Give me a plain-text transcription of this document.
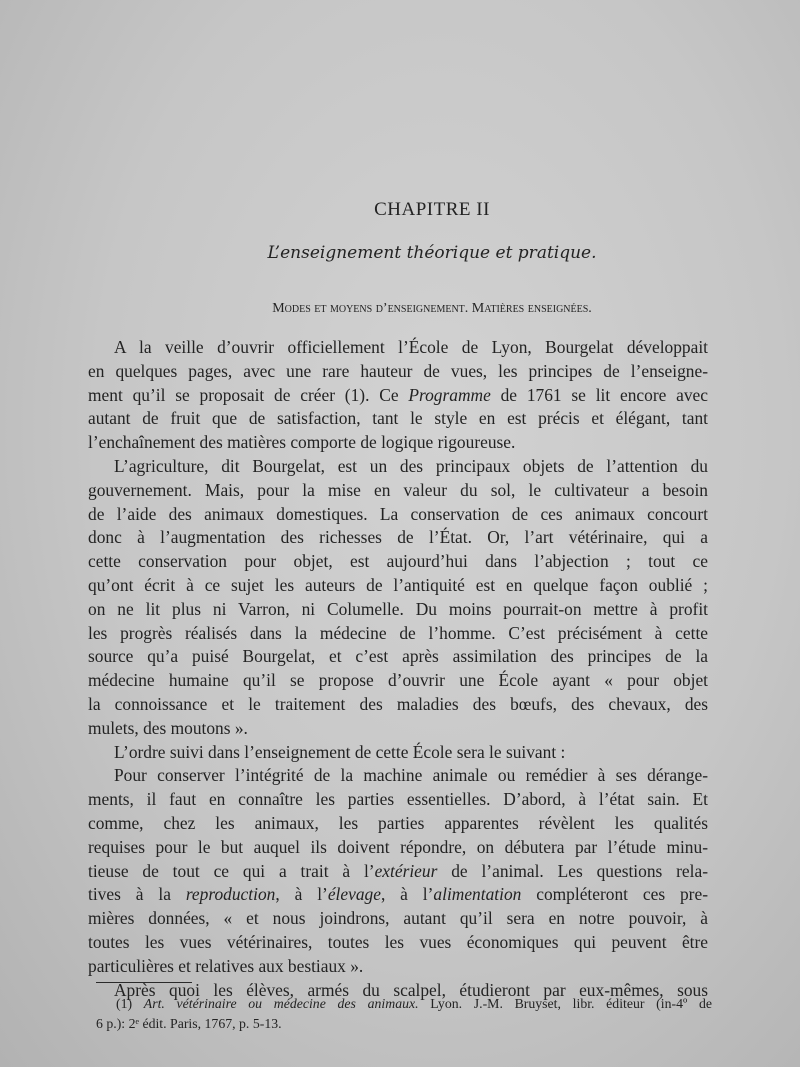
CHAPITRE II
L’enseignement théorique et pratique.
Modes et moyens d’enseignement. Matières enseignées.

A la veille d’ouvrir officiellement l’École de Lyon, Bourgelat développait
en quelques pages, avec une rare hauteur de vues, les principes de l’enseigne-
ment qu’il se proposait de créer (1). Ce Programme de 1761 se lit encore avec
autant de fruit que de satisfaction, tant le style en est précis et élégant, tant
l’enchaînement des matières comporte de logique rigoureuse.

L’agriculture, dit Bourgelat, est un des principaux objets de l’attention du
gouvernement. Mais, pour la mise en valeur du sol, le cultivateur a besoin
de l’aide des animaux domestiques. La conservation de ces animaux concourt
donc à l’augmentation des richesses de l’État. Or, l’art vétérinaire, qui a
cette conservation pour objet, est aujourd’hui dans l’abjection ; tout ce
qu’ont écrit à ce sujet les auteurs de l’antiquité est en quelque façon oublié ;
on ne lit plus ni Varron, ni Columelle. Du moins pourrait-on mettre à profit
les progrès réalisés dans la médecine de l’homme. C’est précisément à cette
source qu’a puisé Bourgelat, et c’est après assimilation des principes de la
médecine humaine qu’il se propose d’ouvrir une École ayant « pour objet
la connoissance et le traitement des maladies des bœufs, des chevaux, des
mulets, des moutons ».

L’ordre suivi dans l’enseignement de cette École sera le suivant :

Pour conserver l’intégrité de la machine animale ou remédier à ses dérange-
ments, il faut en connaître les parties essentielles. D’abord, à l’état sain. Et
comme, chez les animaux, les parties apparentes révèlent les qualités
requises pour le but auquel ils doivent répondre, on débutera par l’étude minu-
tieuse de tout ce qui a trait à l’extérieur de l’animal. Les questions rela-
tives à la reproduction, à l’élevage, à l’alimentation compléteront ces pre-
mières données, « et nous joindrons, autant qu’il sera en notre pouvoir, à
toutes les vues vétérinaires, toutes les vues économiques qui peuvent être
particulières et relatives aux bestiaux ».

Après quoi les élèves, armés du scalpel, étudieront par eux-mêmes, sous

(1) Art. vétérinaire ou médecine des animaux. Lyon. J.-M. Bruyset, libr. éditeur (in-4º de
6 p.): 2ᵉ édit. Paris, 1767, p. 5-13.
